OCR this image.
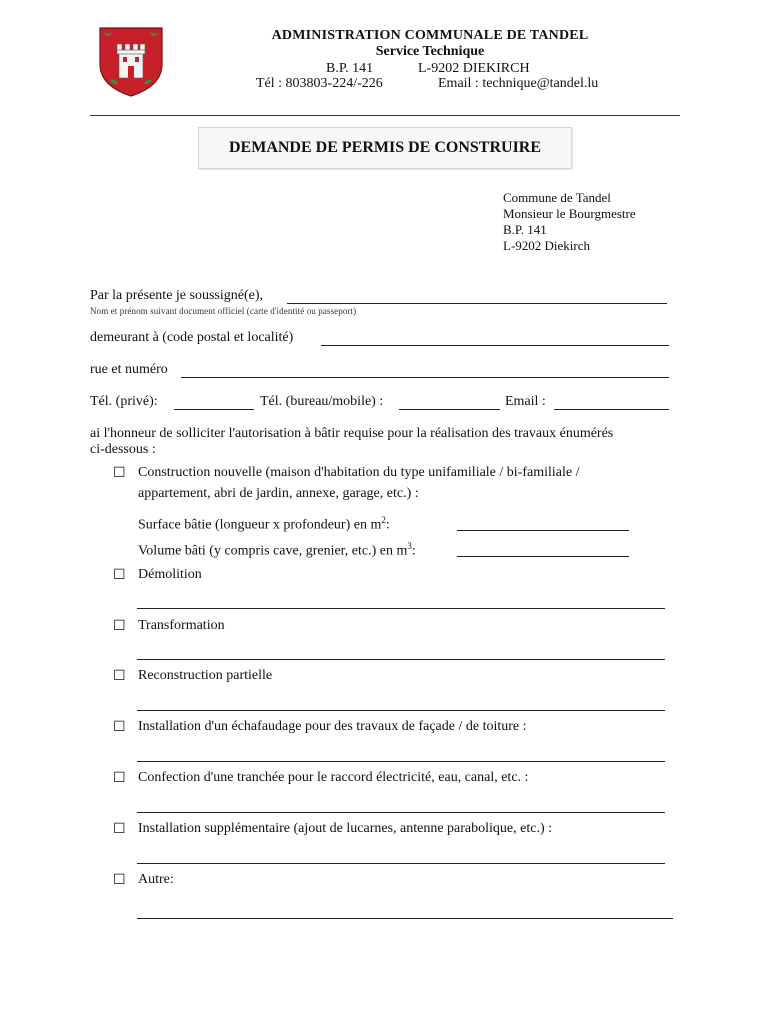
ADMINISTRATION COMMUNALE DE TANDEL
Service Technique
B.P. 141	L-9202 DIEKIRCH
Tél : 803803-224/-226	Email : technique@tandel.lu
DEMANDE DE PERMIS DE CONSTRUIRE
Commune de Tandel
Monsieur le Bourgmestre
B.P. 141
L-9202 Diekirch
Par la présente je soussigné(e),
Nom et prénom suivant document officiel (carte d'identité ou passeport)
demeurant à (code postal et localité)
rue et numéro
Tél. (privé):	Tél. (bureau/mobile) :	Email :
ai l'honneur de solliciter l'autorisation à bâtir requise pour la réalisation des travaux énumérés
ci-dessous :
☐ Construction nouvelle (maison d'habitation du type unifamiliale / bi-familiale /
appartement, abri de jardin, annexe, garage, etc.) :
Surface bâtie (longueur x profondeur) en $m^2$:
Volume bâti (y compris cave, grenier, etc.) en $m^3$:
☐ Démolition
☐ Transformation
☐ Reconstruction partielle
☐ Installation d'un échafaudage pour des travaux de façade / de toiture :
☐ Confection d'une tranchée pour le raccord électricité, eau, canal, etc. :
☐ Installation supplémentaire (ajout de lucarnes, antenne parabolique, etc.) :
☐ Autre:
